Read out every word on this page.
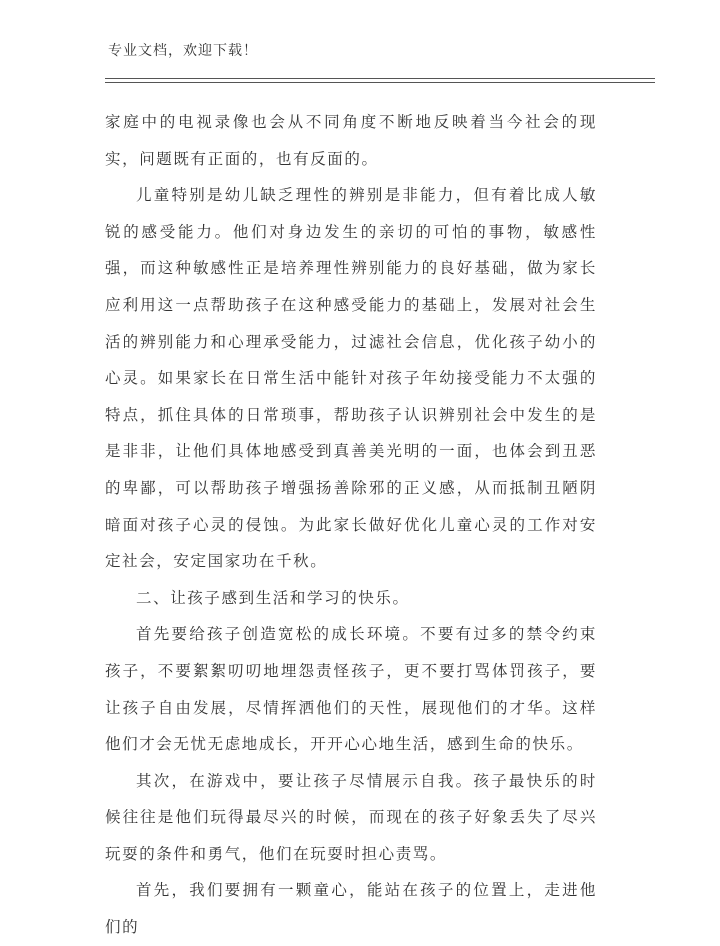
专业文档，欢迎下载！

家庭中的电视录像也会从不同角度不断地反映着当今社会的现实，问题既有正面的，也有反面的。

儿童特别是幼儿缺乏理性的辨别是非能力，但有着比成人敏锐的感受能力。他们对身边发生的亲切的可怕的事物，敏感性强，而这种敏感性正是培养理性辨别能力的良好基础，做为家长应利用这一点帮助孩子在这种感受能力的基础上，发展对社会生活的辨别能力和心理承受能力，过滤社会信息，优化孩子幼小的心灵。如果家长在日常生活中能针对孩子年幼接受能力不太强的特点，抓住具体的日常琐事，帮助孩子认识辨别社会中发生的是是非非，让他们具体地感受到真善美光明的一面，也体会到丑恶的卑鄙，可以帮助孩子增强扬善除邪的正义感，从而抵制丑陋阴暗面对孩子心灵的侵蚀。为此家长做好优化儿童心灵的工作对安定社会，安定国家功在千秋。

二、让孩子感到生活和学习的快乐。

首先要给孩子创造宽松的成长环境。不要有过多的禁令约束孩子，不要絮絮叨叨地埋怨责怪孩子，更不要打骂体罚孩子，要让孩子自由发展，尽情挥洒他们的天性，展现他们的才华。这样他们才会无忧无虑地成长，开开心心地生活，感到生命的快乐。

其次，在游戏中，要让孩子尽情展示自我。孩子最快乐的时候往往是他们玩得最尽兴的时候，而现在的孩子好象丢失了尽兴玩耍的条件和勇气，他们在玩耍时担心责骂。

首先，我们要拥有一颗童心，能站在孩子的位置上，走进他们的
